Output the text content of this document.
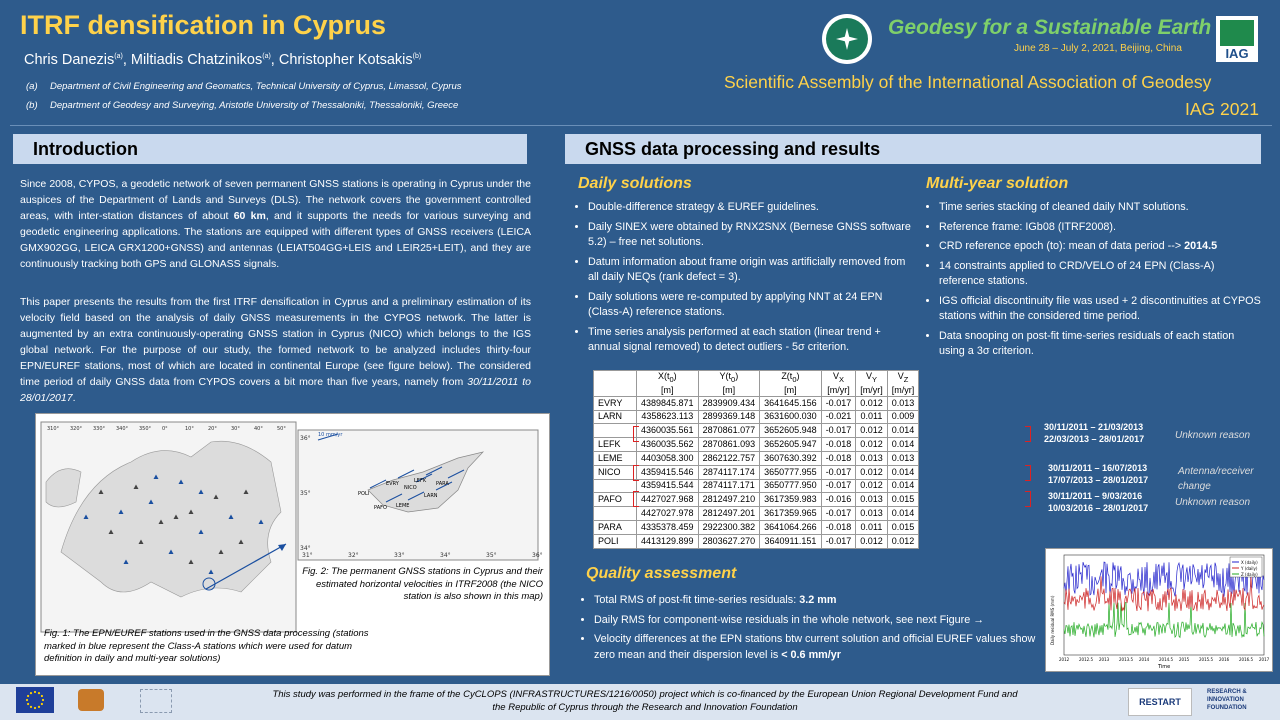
ITRF densification in Cyprus
Chris Danezis$^{(a)}$, Miltiadis Chatzinikos$^{(a)}$, Christopher Kotsakis$^{(b)}$
(a) Department of Civil Engineering and Geomatics, Technical University of Cyprus, Limassol, Cyprus
(b) Department of Geodesy and Surveying, Aristotle University of Thessaloniki, Thessaloniki, Greece
Geodesy for a Sustainable Earth
June 28 – July 2, 2021, Beijing, China	IAG
Scientific Assembly of the International Association of Geodesy
IAG 2021
Introduction
Since 2008, CYPOS, a geodetic network of seven permanent GNSS stations is operating in Cyprus under the auspices of the Department of Lands and Surveys (DLS). The network covers the government controlled areas, with inter-station distances of about 60 km, and it supports the needs for various surveying and geodetic engineering applications. The stations are equipped with different types of GNSS receivers (LEICA GMX902GG, LEICA GRX1200+GNSS) and antennas (LEIAT504GG+LEIS and LEIR25+LEIT), and they are continuously tracking both GPS and GLONASS signals.
This paper presents the results from the first ITRF densification in Cyprus and a preliminary estimation of its velocity field based on the analysis of daily GNSS measurements in the CYPOS network. The latter is augmented by an extra continuously-operating GNSS station in Cyprus (NICO) which belongs to the IGS global network. For the purpose of our study, the formed network to be analyzed includes thirty-four EPN/EUREF stations, most of which are located in continental Europe (see figure below). The considered time period of daily GNSS data from CYPOS covers a bit more than five years, namely from 30/11/2011 to 28/01/2017.
310° 320° 330° 340° 350° 0°	10°	20°	30°	40°	50°
POLI
EVRY
NICO
PAFO
LARN
LEME
PARA
LEFK
31°	32°	33°	34°	35°	36°
36°
35°
34°
10 mm/yr
Fig. 1: The EPN/EUREF stations used in the GNSS data processing (stations marked in blue represent the Class-A stations which were used for datum definition in daily and multi-year solutions)
Fig. 2: The permanent GNSS stations in Cyprus and their estimated horizontal velocities in ITRF2008 (the NICO station is also shown in this map)
GNSS data processing and results
Daily solutions
• Double-difference strategy & EUREF guidelines.
• Daily SINEX were obtained by RNX2SNX (Bernese GNSS software 5.2) – free net solutions.
• Datum information about frame origin was artificially removed from all daily NEQs (rank defect = 3).
• Daily solutions were re-computed by applying NNT at 24 EPN (Class-A) reference stations.
• Time series analysis performed at each station (linear trend + annual signal removed) to detect outliers - 5σ criterion.
Multi-year solution
• Time series stacking of cleaned daily NNT solutions.
• Reference frame: IGb08 (ITRF2008).
• CRD reference epoch (to): mean of data period --> 2014.5
• 14 constraints applied to CRD/VELO of 24 EPN (Class-A) reference stations.
• IGS official discontinuity file was used + 2 discontinuities at CYPOS stations within the considered time period.
• Data snooping on post-fit time-series residuals of each station using a 3σ criterion.
	$X(t_0)$
[m]	$Y(t_0)$
[m]	$Z(t_0)$
[m]	$V_X$
[m/yr]	$V_Y$
[m/yr]	$V_Z$
[m/yr]
EVRY	4389845.871	2839909.434	3641645.156	-0.017	0.012	0.013
LARN	4358623.113	2899369.148	3631600.030	-0.021	0.011	0.009
	4360035.561	2870861.077	3652605.948	-0.017	0.012	0.014
LEFK	4360035.562	2870861.093	3652605.947	-0.018	0.012	0.014
LEME	4403058.300	2862122.757	3607630.392	-0.018	0.013	0.013
NICO	4359415.546	2874117.174	3650777.955	-0.017	0.012	0.014
	4359415.544	2874117.171	3650777.950	-0.017	0.012	0.014
PAFO	4427027.968	2812497.210	3617359.983	-0.016	0.013	0.015
	4427027.978	2812497.201	3617359.965	-0.017	0.013	0.014
PARA	4335378.459	2922300.382	3641064.266	-0.018	0.011	0.015
POLI	4413129.899	2803627.270	3640911.151	-0.017	0.012	0.012
30/11/2011 – 21/03/2013
22/03/2013 – 28/01/2017	Unknown reason
30/11/2011 – 16/07/2013
17/07/2013 – 28/01/2017
Antenna/receiver change
30/11/2011 – 9/03/2016
10/03/2016 – 28/01/2017	Unknown reason
Quality assessment
• Total RMS of post-fit time-series residuals: 3.2 mm
• Daily RMS for component-wise residuals in the whole network, see next Figure →
• Velocity differences at the EPN stations btw current solution and official EUREF values show zero mean and their dispersion level is < 0.6 mm/yr	2012 2012.5 2013 2013.5 2014 2014.5 2015 2015.5 2016 2016.5 2017
Time
Daily residual RMS (mm)
X (daily)
Y (daily)
Z (daily)
This study was performed in the frame of the CyCLOPS (INFRASTRUCTURES/1216/0050) project which is co-financed by the European Union Regional Development Fund and the Republic of Cyprus through the Research and Innovation Foundation	RESTART
RESEARCH & INNOVATION FOUNDATION
